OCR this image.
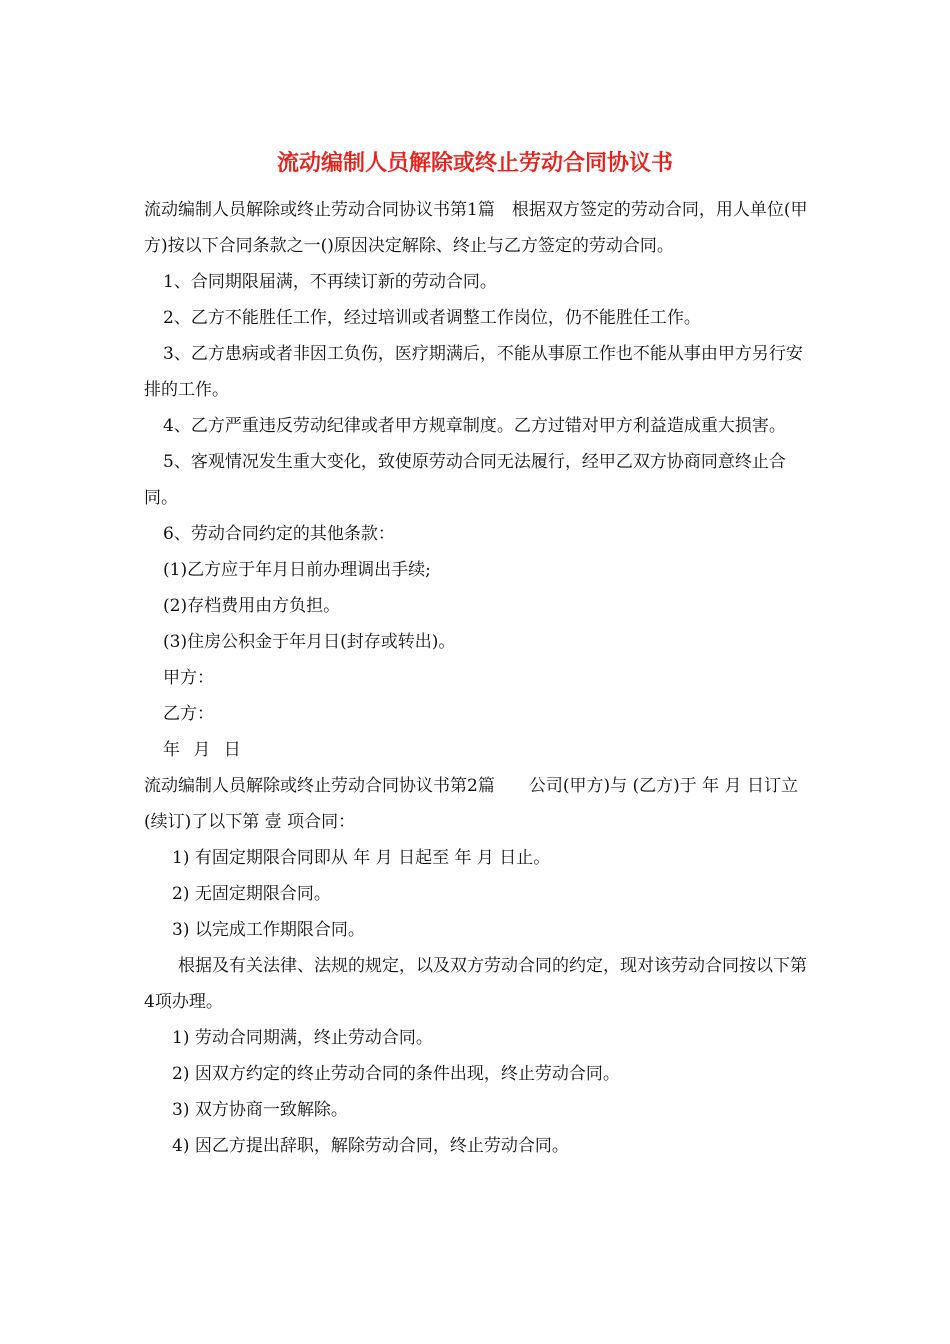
流动编制人员解除或终止劳动合同协议书

流动编制人员解除或终止劳动合同协议书第1篇　根据双方签定的劳动合同，用人单位(甲方)按以下合同条款之一()原因决定解除、终止与乙方签定的劳动合同。

1、合同期限届满，不再续订新的劳动合同。

2、乙方不能胜任工作，经过培训或者调整工作岗位，仍不能胜任工作。

3、乙方患病或者非因工负伤，医疗期满后，不能从事原工作也不能从事由甲方另行安排的工作。

4、乙方严重违反劳动纪律或者甲方规章制度。乙方过错对甲方利益造成重大损害。

5、客观情况发生重大变化，致使原劳动合同无法履行，经甲乙双方协商同意终止合同。

6、劳动合同约定的其他条款：

(1)乙方应于年月日前办理调出手续;

(2)存档费用由方负担。

(3)住房公积金于年月日(封存或转出)。

甲方：

乙方：

年 月 日

流动编制人员解除或终止劳动合同协议书第2篇　　公司(甲方)与 (乙方)于 年 月 日订立(续订)了以下第 壹 项合同：

1) 有固定期限合同即从 年 月 日起至 年 月 日止。

2) 无固定期限合同。

3) 以完成工作期限合同。

　　根据及有关法律、法规的规定，以及双方劳动合同的约定，现对该劳动合同按以下第4项办理。

1) 劳动合同期满，终止劳动合同。

2) 因双方约定的终止劳动合同的条件出现，终止劳动合同。

3) 双方协商一致解除。

4) 因乙方提出辞职，解除劳动合同，终止劳动合同。
